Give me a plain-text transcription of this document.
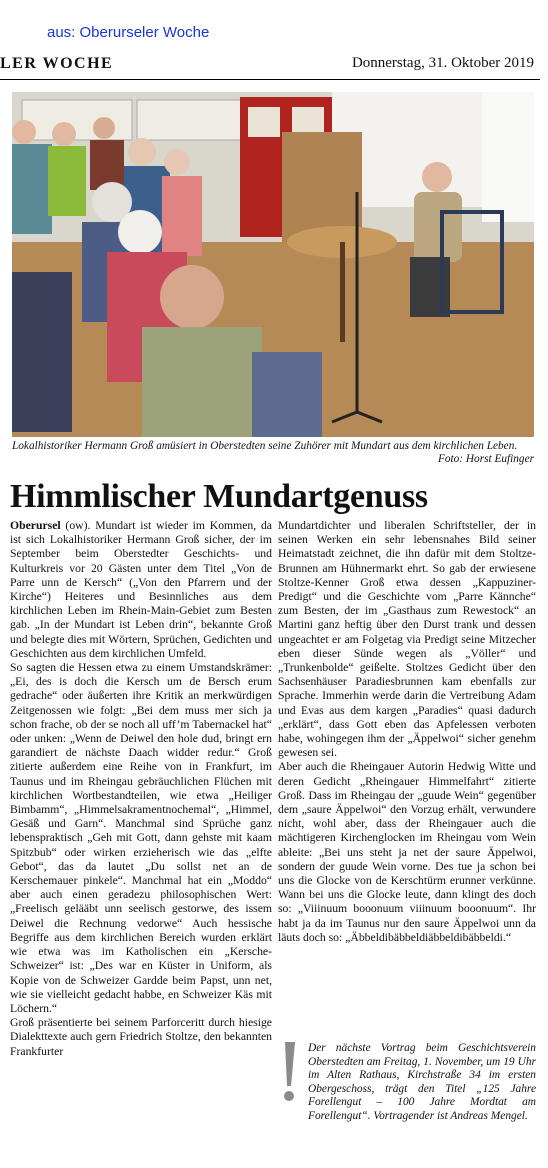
aus: Oberurseler Woche
LER WOCHE	Donnerstag, 31. Oktober 2019
Lokalhistoriker Hermann Groß amüsiert in Oberstedten seine Zuhörer mit Mundart aus dem kirchlichen Leben.
Foto: Horst Eufinger
Himmlischer Mundartgenuss

Oberursel (ow). Mundart ist wieder im Kommen, da ist sich Lokalhistoriker Hermann Groß sicher, der im September beim Oberstedter Geschichts- und Kulturkreis vor 20 Gästen unter dem Titel „Von de Parre unn de Kersch“ („Von den Pfarrern und der Kirche“) Heiteres und Besinnliches aus dem kirchlichen Leben im Rhein-Main-Gebiet zum Besten gab. „In der Mundart ist Leben drin“, bekannte Groß und belegte dies mit Wörtern, Sprüchen, Gedichten und Geschichten aus dem kirchlichen Umfeld.

So sagten die Hessen etwa zu einem Umstandskrämer: „Ei, des is doch die Kersch um de Bersch erum gedrache“ oder äußerten ihre Kritik an merkwürdigen Zeitgenossen wie folgt: „Bei dem muss mer sich ja schon frache, ob der se noch all uff’m Tabernackel hat“ oder unken: „Wenn de Deiwel den hole dud, bringt ern garandiert de nächste Daach widder redur.“ Groß zitierte außerdem eine Reihe von in Frankfurt, im Taunus und im Rheingau gebräuchlichen Flüchen mit kirchlichen Wortbestandteilen, wie etwa „Heiliger Bimbamm“, „Himmelsakramentnochemal“, „Himmel, Gesäß und Garn“. Manchmal sind Sprüche ganz lebenspraktisch „Geh mit Gott, dann gehste mit kaam Spitzbub“ oder wirken erzieherisch wie das „elfte Gebot“, das da lautet „Du sollst net an de Kerschemauer pinkele“. Manchmal hat ein „Moddo“ aber auch einen geradezu philosophischen Wert: „Freelisch gelääbt unn seelisch gestorwe, des issem Deiwel die Rechnung vedorwe“ Auch hessische Begriffe aus dem kirchlichen Bereich wurden erklärt wie etwa was im Katholischen ein „Kersche-Schweizer“ ist: „Des war en Küster in Uniform, als Kopie von de Schweizer Gardde beim Papst, unn net, wie sie vielleicht gedacht habbe, en Schweizer Käs mit Löchern.“

Groß präsentierte bei seinem Parforceritt durch hiesige Dialekttexte auch gern Friedrich Stoltze, den bekannten Frankfurter

Mundartdichter und liberalen Schriftsteller, der in seinen Werken ein sehr lebensnahes Bild seiner Heimatstadt zeichnet, die ihn dafür mit dem Stoltze-Brunnen am Hühnermarkt ehrt. So gab der erwiesene Stoltze-Kenner Groß etwa dessen „Kappuziner-Predigt“ und die Geschichte vom „Parre Kännche“ zum Besten, der im „Gasthaus zum Rewestock“ an Martini ganz heftig über den Durst trank und dessen ungeachtet er am Folgetag via Predigt seine Mitzecher eben dieser Sünde wegen als „Völler“ und „Trunkenbolde“ geißelte. Stoltzes Gedicht über den Sachsenhäuser Paradiesbrunnen kam ebenfalls zur Sprache. Immerhin werde darin die Vertreibung Adam und Evas aus dem kargen „Paradies“ quasi dadurch „erklärt“, dass Gott eben das Apfelessen verboten habe, wohingegen ihm der „Äppelwoi“ sicher genehm gewesen sei.

Aber auch die Rheingauer Autorin Hedwig Witte und deren Gedicht „Rheingauer Himmelfahrt“ zitierte Groß. Dass im Rheingau der „guude Wein“ gegenüber dem „saure Äppelwoi“ den Vorzug erhält, verwundere nicht, wohl aber, dass der Rheingauer auch die mächtigeren Kirchenglocken im Rheingau vom Wein ableite: „Bei uns steht ja net der saure Äppelwoi, sondern der guude Wein vorne. Des tue ja schon bei uns die Glocke von de Kerschtürm erunner verkünne. Wann bei uns die Glocke leute, dann klingt des doch so: „Viiinuum booonuum viiinuum booonuum“. Ihr habt ja da im Taunus nur den saure Äppelwoi unn da läuts doch so: „Äbbeldibäbbeldiäbbeldibäbbeldi.“

Der nächste Vortrag beim Geschichtsverein Oberstedten am Freitag, 1. November, um 19 Uhr im Alten Rathaus, Kirchstraße 34 im ersten Obergeschoss, trägt den Titel „125 Jahre Forellengut – 100 Jahre Mordtat am Forellengut“. Vortragender ist Andreas Mengel.
